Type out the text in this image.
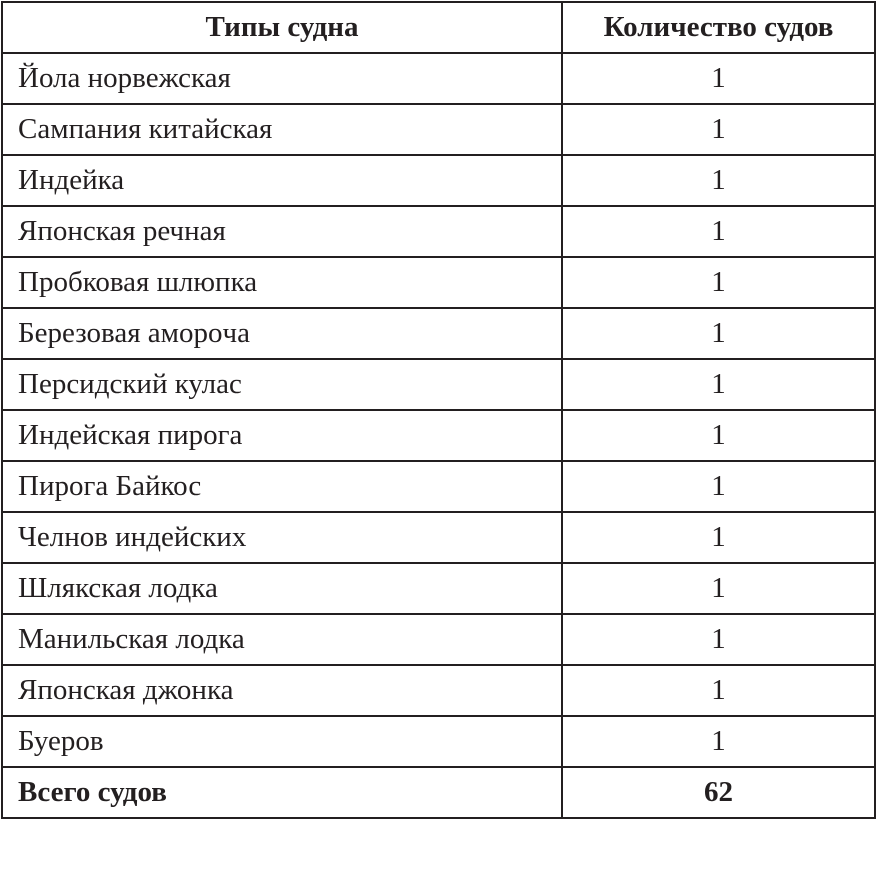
Типы судна	Количество судов
Йола норвежская	1
Сампания китайская	1
Индейка	1
Японская речная	1
Пробковая шлюпка	1
Березовая аморoча	1
Персидский кулас	1
Индейская пирога	1
Пирога Байкос	1
Челнов индейских	1
Шлякская лодка	1
Манильская лодка	1
Японская джонка	1
Буеров	1
Всего судов	62
